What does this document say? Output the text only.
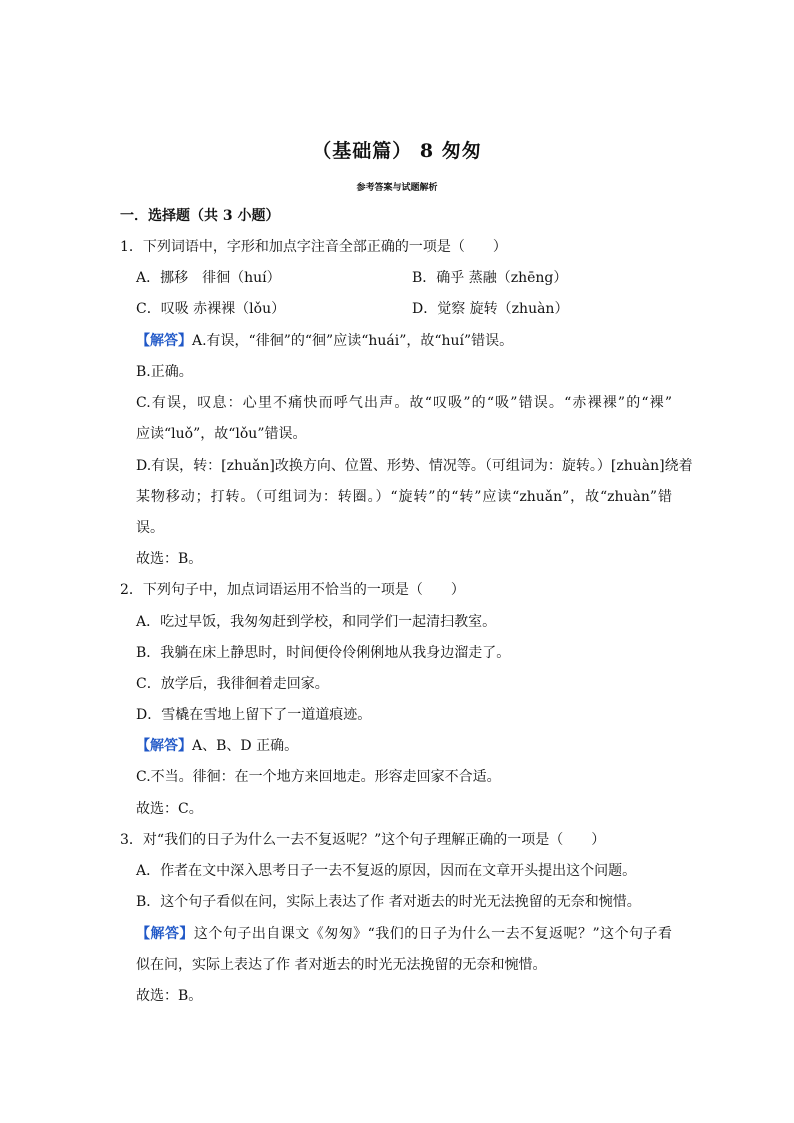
（基础篇） 8 匆匆
参考答案与试题解析
一．选择题（共 3 小题）
1．下列词语中，字形和加点字注音全部正确的一项是（　　）
A．挪移　徘徊（huí）	B．确乎 蒸融（zhēng）
C．叹吸 赤裸裸（lǒu）	D．觉察 旋转（zhuàn）
【解答】A.有误，“徘徊”的“徊”应读“huái”，故“huí”错误。
B.正确。
C.有误，叹息：心里不痛快而呼气出声。故“叹吸”的“吸”错误。“赤裸裸”的“裸”
应读“luǒ”，故“lǒu”错误。
D.有误，转：[zhuǎn]改换方向、位置、形势、情况等。（可组词为：旋转。）[zhuàn]绕着
某物移动；打转。（可组词为：转圈。）“旋转”的“转”应读“zhuǎn”，故“zhuàn”错
误。
故选：B。
2．下列句子中，加点词语运用不恰当的一项是（　　）
A．吃过早饭，我匆匆赶到学校，和同学们一起清扫教室。
B．我躺在床上静思时，时间便伶伶俐俐地从我身边溜走了。
C．放学后，我徘徊着走回家。
D．雪橇在雪地上留下了一道道痕迹。
【解答】A、B、D 正确。
C.不当。徘徊：在一个地方来回地走。形容走回家不合适。
故选：C。
3．对“我们的日子为什么一去不复返呢？”这个句子理解正确的一项是（　　）
A．作者在文中深入思考日子一去不复返的原因，因而在文章开头提出这个问题。
B．这个句子看似在问，实际上表达了作 者对逝去的时光无法挽留的无奈和惋惜。
【解答】这个句子出自课文《匆匆》“我们的日子为什么一去不复返呢？”这个句子看
似在问，实际上表达了作 者对逝去的时光无法挽留的无奈和惋惜。
故选：B。
